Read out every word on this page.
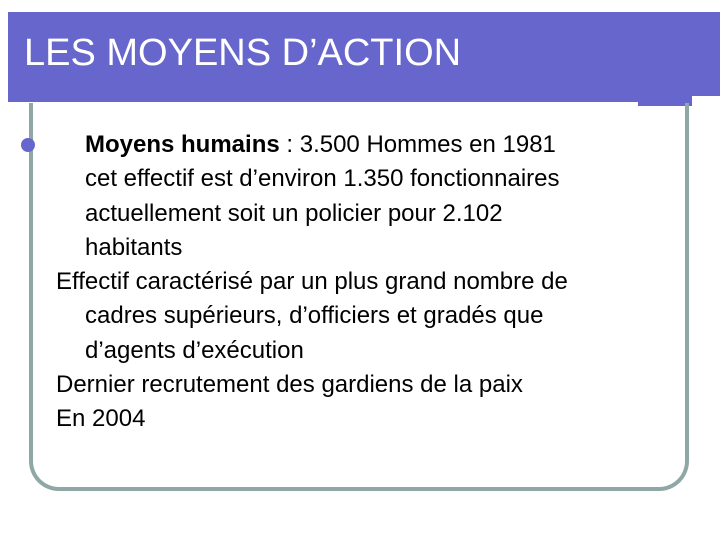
LES MOYENS D’ACTION

Moyens humains : 3.500 Hommes en 1981
cet effectif est d’environ 1.350 fonctionnaires
actuellement soit un policier pour 2.102
habitants

Effectif caractérisé par un plus grand nombre de
cadres supérieurs, d’officiers et gradés que
d’agents d’exécution

Dernier recrutement des gardiens de la paix

En 2004
